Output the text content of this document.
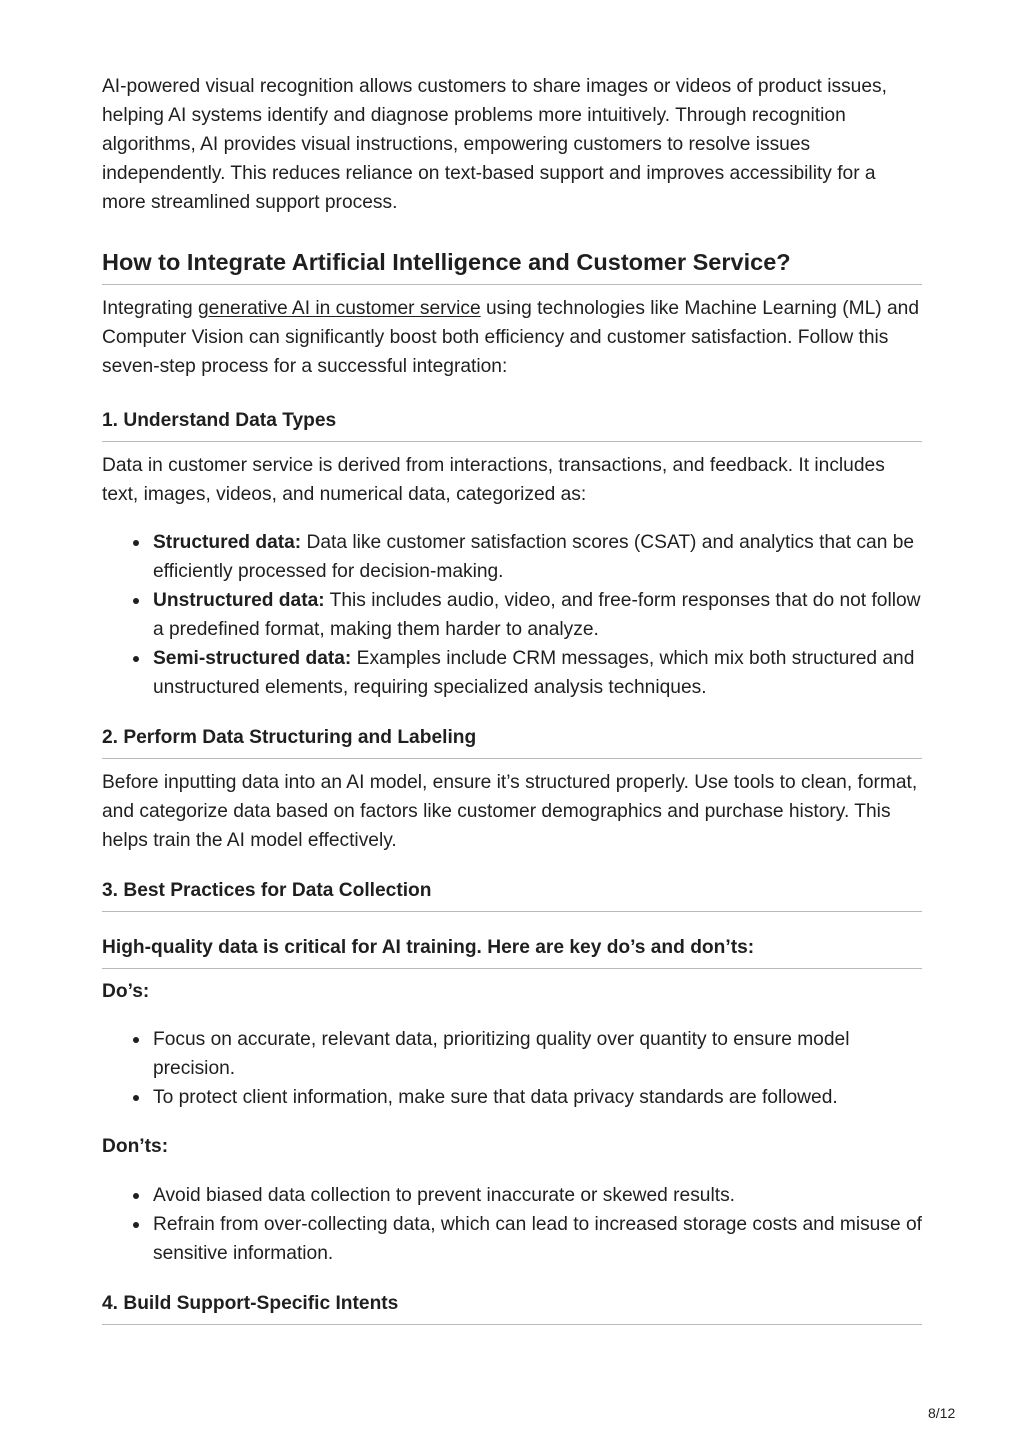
AI-powered visual recognition allows customers to share images or videos of product issues, helping AI systems identify and diagnose problems more intuitively. Through recognition algorithms, AI provides visual instructions, empowering customers to resolve issues independently. This reduces reliance on text-based support and improves accessibility for a more streamlined support process.

How to Integrate Artificial Intelligence and Customer Service?

Integrating generative AI in customer service using technologies like Machine Learning (ML) and Computer Vision can significantly boost both efficiency and customer satisfaction. Follow this seven-step process for a successful integration:

1. Understand Data Types

Data in customer service is derived from interactions, transactions, and feedback. It includes text, images, videos, and numerical data, categorized as:

Structured data: Data like customer satisfaction scores (CSAT) and analytics that can be efficiently processed for decision-making.
Unstructured data: This includes audio, video, and free-form responses that do not follow a predefined format, making them harder to analyze.
Semi-structured data: Examples include CRM messages, which mix both structured and unstructured elements, requiring specialized analysis techniques.
2. Perform Data Structuring and Labeling

Before inputting data into an AI model, ensure it’s structured properly. Use tools to clean, format, and categorize data based on factors like customer demographics and purchase history. This helps train the AI model effectively.

3. Best Practices for Data Collection
High-quality data is critical for AI training. Here are key do’s and don’ts:
Do’s:
Focus on accurate, relevant data, prioritizing quality over quantity to ensure model precision.
To protect client information, make sure that data privacy standards are followed.
Don’ts:
Avoid biased data collection to prevent inaccurate or skewed results.
Refrain from over-collecting data, which can lead to increased storage costs and misuse of sensitive information.
4. Build Support-Specific Intents
8/12
